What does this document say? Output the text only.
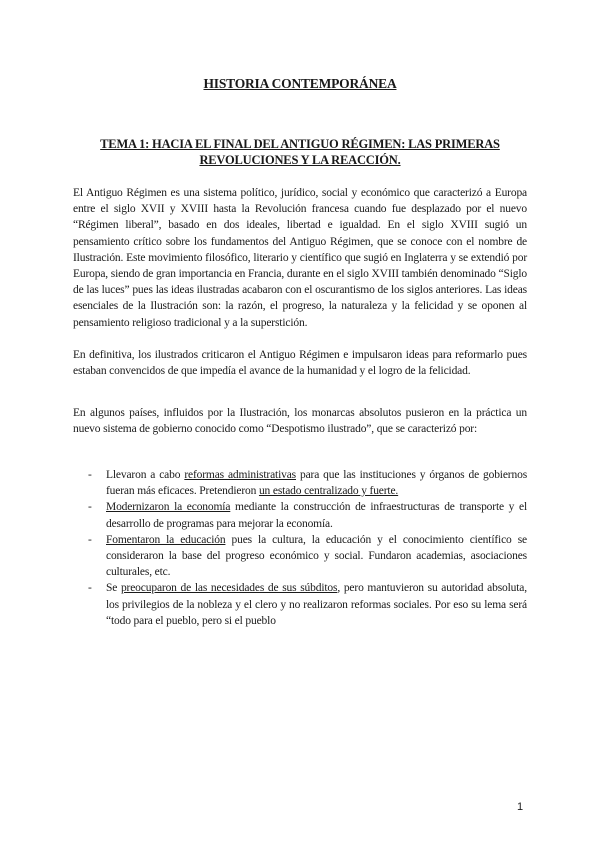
HISTORIA CONTEMPORÁNEA
TEMA 1: HACIA EL FINAL DEL ANTIGUO RÉGIMEN: LAS PRIMERAS REVOLUCIONES Y LA REACCIÓN.

El Antiguo Régimen es una sistema político, jurídico, social y económico que caracterizó a Europa entre el siglo XVII y XVIII hasta la Revolución francesa cuando fue desplazado por el nuevo “Régimen liberal”, basado en dos ideales, libertad e igualdad. En el siglo XVIII sugió un pensamiento crítico sobre los fundamentos del Antiguo Régimen, que se conoce con el nombre de Ilustración. Este movimiento filosófico, literario y científico que sugió en Inglaterra y se extendió por Europa, siendo de gran importancia en Francia, durante en el siglo XVIII también denominado “Siglo de las luces” pues las ideas ilustradas acabaron con el oscurantismo de los siglos anteriores. Las ideas esenciales de la Ilustración son: la razón, el progreso, la naturaleza y la felicidad y se oponen al pensamiento religioso tradicional y a la superstición.

En definitiva, los ilustrados criticaron el Antiguo Régimen e impulsaron ideas para reformarlo pues estaban convencidos de que impedía el avance de la humanidad y el logro de la felicidad.

En algunos países, influidos por la Ilustración, los monarcas absolutos pusieron en la práctica un nuevo sistema de gobierno conocido como “Despotismo ilustrado”, que se caracterizó por:

- Llevaron a cabo reformas administrativas para que las instituciones y órganos de gobiernos fueran más eficaces. Pretendieron un estado centralizado y fuerte.
- Modernizaron la economía mediante la construcción de infraestructuras de transporte y el desarrollo de programas para mejorar la economía.
- Fomentaron la educación pues la cultura, la educación y el conocimiento científico se consideraron la base del progreso económico y social. Fundaron academias, asociaciones culturales, etc.
- Se preocuparon de las necesidades de sus súbditos, pero mantuvieron su autoridad absoluta, los privilegios de la nobleza y el clero y no realizaron reformas sociales. Por eso su lema será “todo para el pueblo, pero si el pueblo
1
